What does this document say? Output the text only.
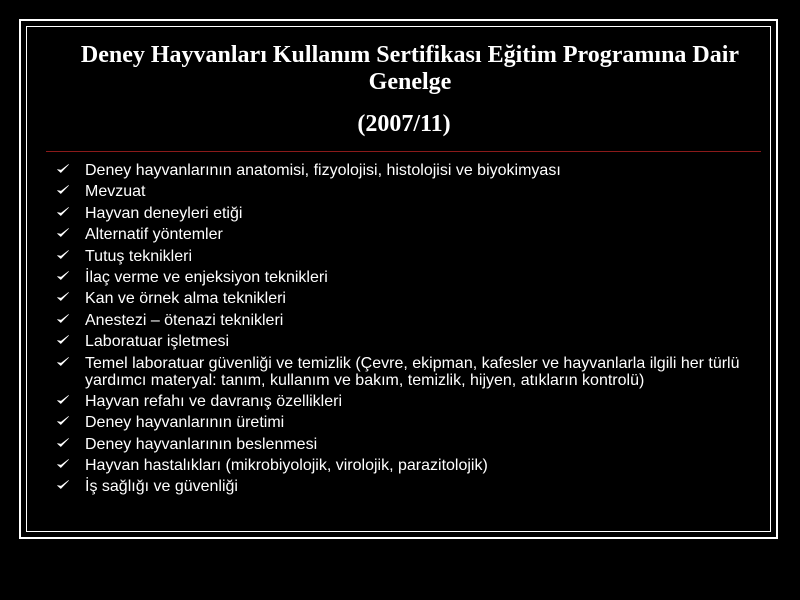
Deney Hayvanları Kullanım Sertifikası Eğitim Programına Dair Genelge
(2007/11)
Deney hayvanlarının anatomisi, fizyolojisi, histolojisi ve biyokimyası
Mevzuat
Hayvan deneyleri etiği
Alternatif yöntemler
Tutuş teknikleri
İlaç verme ve enjeksiyon teknikleri
Kan ve örnek alma teknikleri
Anestezi – ötenazi teknikleri
Laboratuar işletmesi
Temel laboratuar güvenliği ve temizlik (Çevre, ekipman, kafesler ve hayvanlarla ilgili her türlü yardımcı materyal: tanım, kullanım ve bakım, temizlik, hijyen, atıkların kontrolü)
Hayvan refahı ve davranış özellikleri
Deney hayvanlarının üretimi
Deney hayvanlarının beslenmesi
Hayvan hastalıkları (mikrobiyolojik, virolojik, parazitolojik)
İş sağlığı ve güvenliği
